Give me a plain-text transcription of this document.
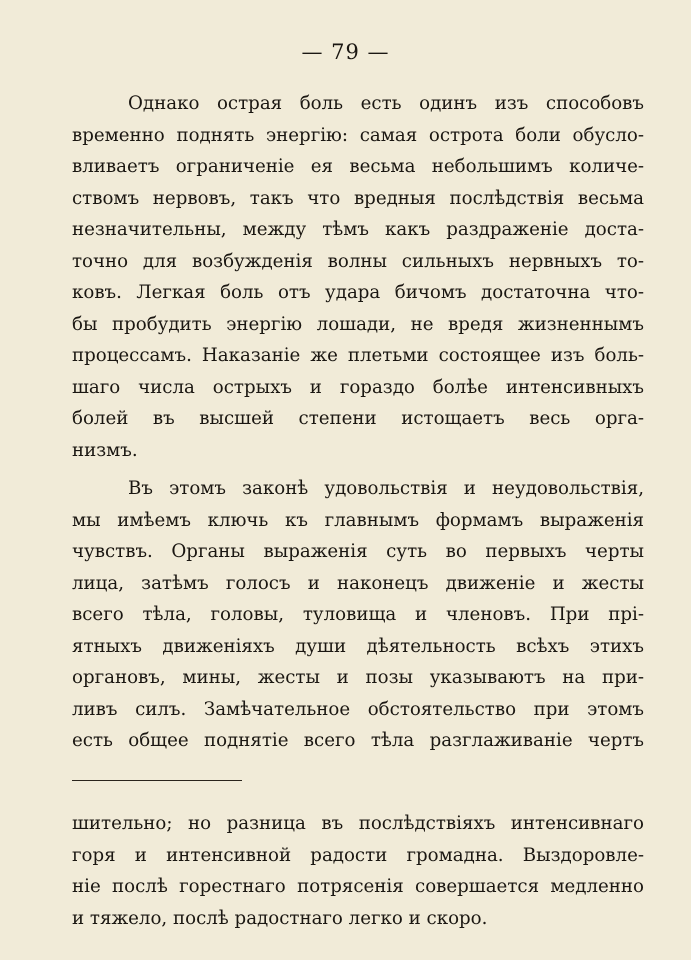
— 79 —
Однако острая боль есть одинъ изъ способовъ
временно поднять энергію: самая острота боли обусло-
вливаетъ ограниченіе ея весьма небольшимъ количе-
ствомъ нервовъ, такъ что вредныя послѣдствія весьма
незначительны, между тѣмъ какъ раздраженіе доста-
точно для возбужденія волны сильныхъ нервныхъ то-
ковъ. Легкая боль отъ удара бичомъ достаточна что-
бы пробудить энергію лошади, не вредя жизненнымъ
процессамъ. Наказаніе же плетьми состоящее изъ боль-
шаго числа острыхъ и гораздо болѣе интенсивныхъ
болей въ высшей степени истощаетъ весь орга-
низмъ.
Въ этомъ законѣ удовольствія и неудовольствія,
мы имѣемъ ключь къ главнымъ формамъ выраженія
чувствъ. Органы выраженія суть во первыхъ черты
лица, затѣмъ голосъ и наконецъ движеніе и жесты
всего тѣла, головы, туловища и членовъ. При прі-
ятныхъ движеніяхъ души дѣятельность всѣхъ этихъ
органовъ, мины, жесты и позы указываютъ на при-
ливъ силъ. Замѣчательное обстоятельство при этомъ
есть общее поднятіе всего тѣла разглаживаніе чертъ
шительно; но разница въ послѣдствіяхъ интенсивнаго
горя и интенсивной радости громадна. Выздоровле-
ніе послѣ горестнаго потрясенія совершается медленно
и тяжело, послѣ радостнаго легко и скоро.
